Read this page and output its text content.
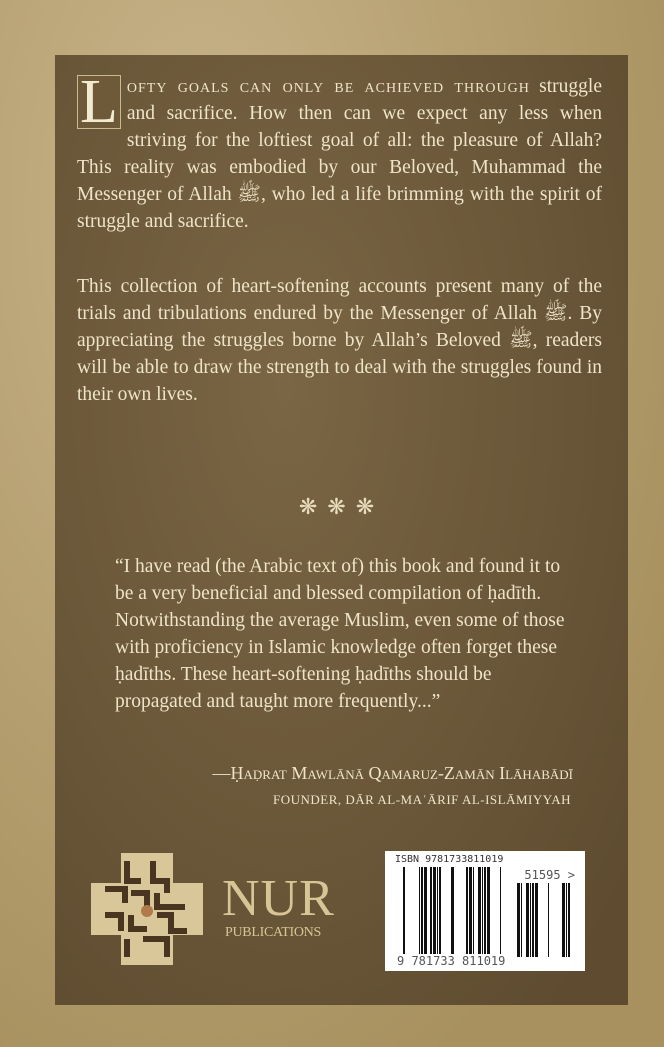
L ofty goals can only be achieved through struggle and sacrifice. How then can we expect any less when striving for the loftiest goal of all: the pleasure of Allah? This reality was embodied by our Beloved, Muhammad the Messenger of Allah ﷺ, who led a life brimming with the spirit of struggle and sacrifice.

This collection of heart-softening accounts present many of the trials and tribulations endured by the Messenger of Allah ﷺ. By appreciating the struggles borne by Allah’s Beloved ﷺ, readers will be able to draw the strength to deal with the struggles found in their own lives.

❋❋❋

“I have read (the Arabic text of) this book and found it to be a very beneficial and blessed compilation of ḥadīth. Notwithstanding the average Muslim, even some of those with proficiency in Islamic knowledge often forget these ḥadīths. These heart-softening ḥadīths should be propagated and taught more frequently...”

—Ḥaḍrat Mawlānā Qamaruz-Zamān Ilāhabādī
FOUNDER, DĀR AL-MAʿĀRIF AL-ISLĀMIYYAH
NUR
PUBLICATIONS
ISBN 9781733811019
51595 >
9 781733 811019
